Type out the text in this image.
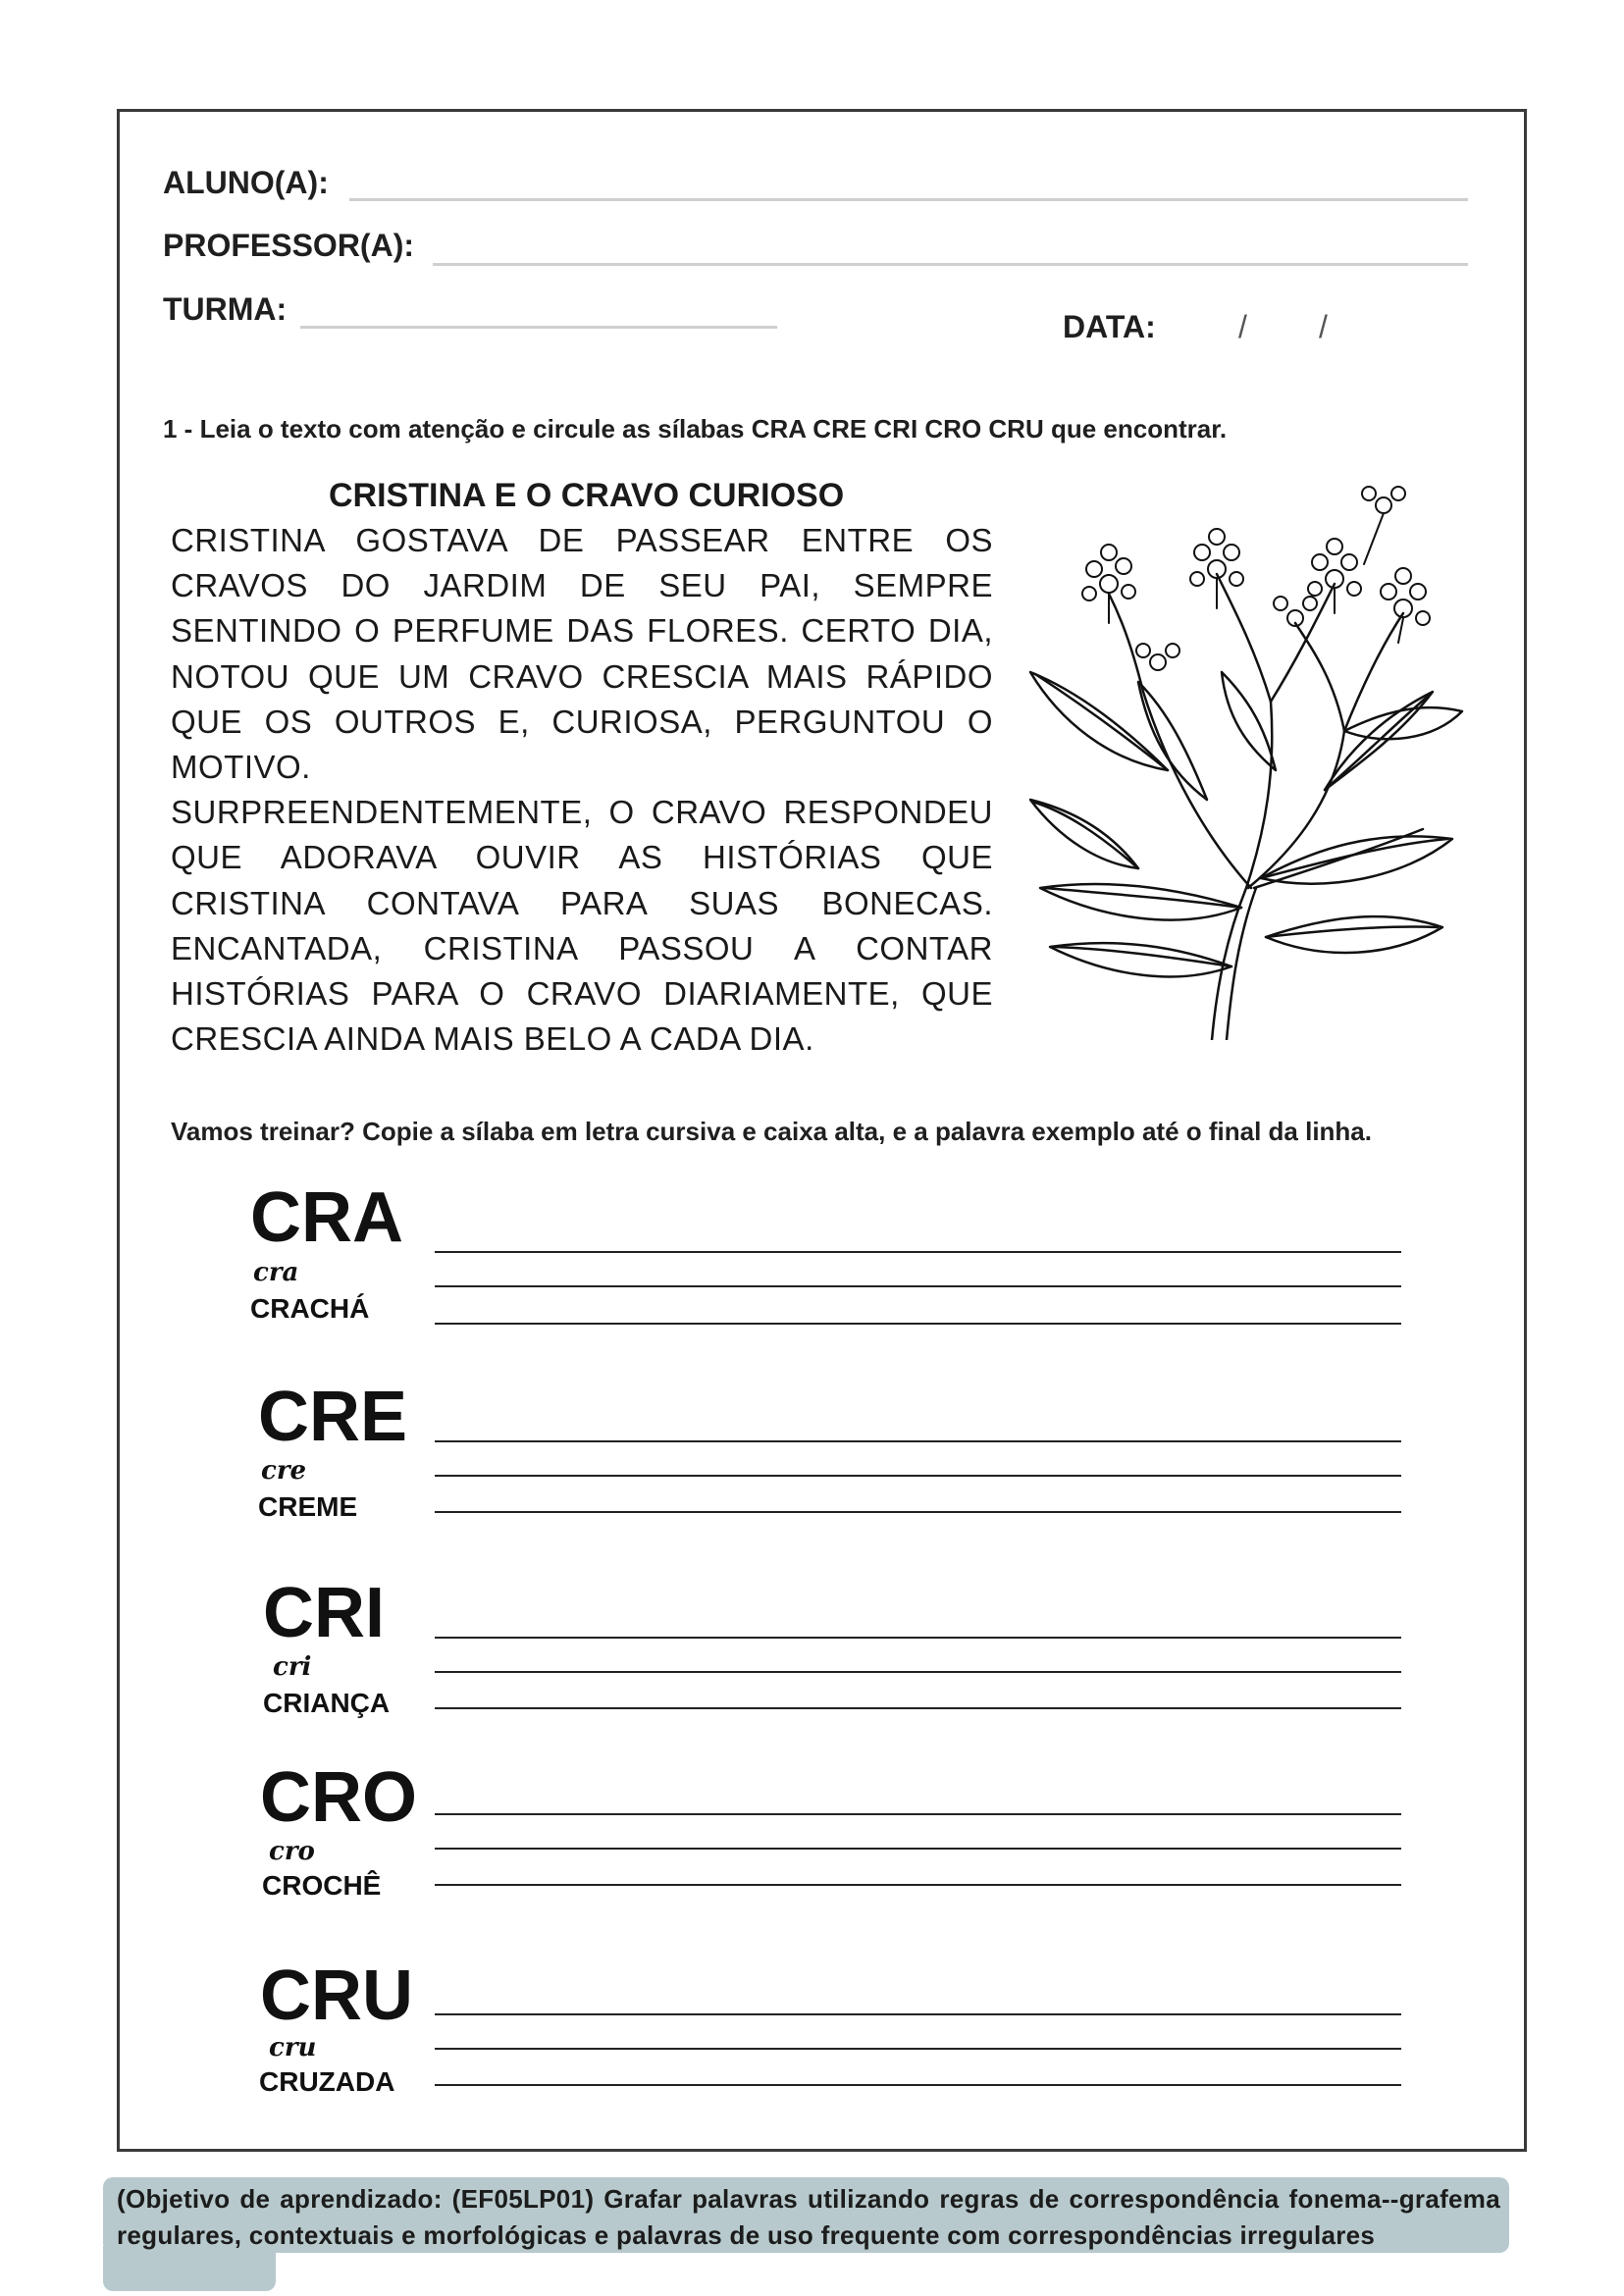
ALUNO(A):
PROFESSOR(A):
TURMA:	DATA:	/ /
1 - Leia o texto com atenção e circule as sílabas CRA CRE CRI CRO CRU que encontrar.
CRISTINA E O CRAVO CURIOSO

CRISTINA GOSTAVA DE PASSEAR ENTRE OS CRAVOS DO JARDIM DE SEU PAI, SEMPRE SENTINDO O PERFUME DAS FLORES. CERTO DIA, NOTOU QUE UM CRAVO CRESCIA MAIS RÁPIDO QUE OS OUTROS E, CURIOSA, PERGUNTOU O MOTIVO.

SURPREENDENTEMENTE, O CRAVO RESPONDEU QUE ADORAVA OUVIR AS HISTÓRIAS QUE CRISTINA CONTAVA PARA SUAS BONECAS. ENCANTADA, CRISTINA PASSOU A CONTAR HISTÓRIAS PARA O CRAVO DIARIAMENTE, QUE CRESCIA AINDA MAIS BELO A CADA DIA.

Vamos treinar? Copie a sílaba em letra cursiva e caixa alta, e a palavra exemplo até o final da linha.
CRA
cra
CRACHÁ
CRE
cre
CREME
CRI
cri
CRIANÇA
CRO
cro
CROCHÊ
CRU
cru
CRUZADA
(Objetivo de aprendizado: (EF05LP01) Grafar palavras utilizando regras de correspondência fonema--grafema regulares, contextuais e morfológicas e palavras de uso frequente com correspondências irregulares
